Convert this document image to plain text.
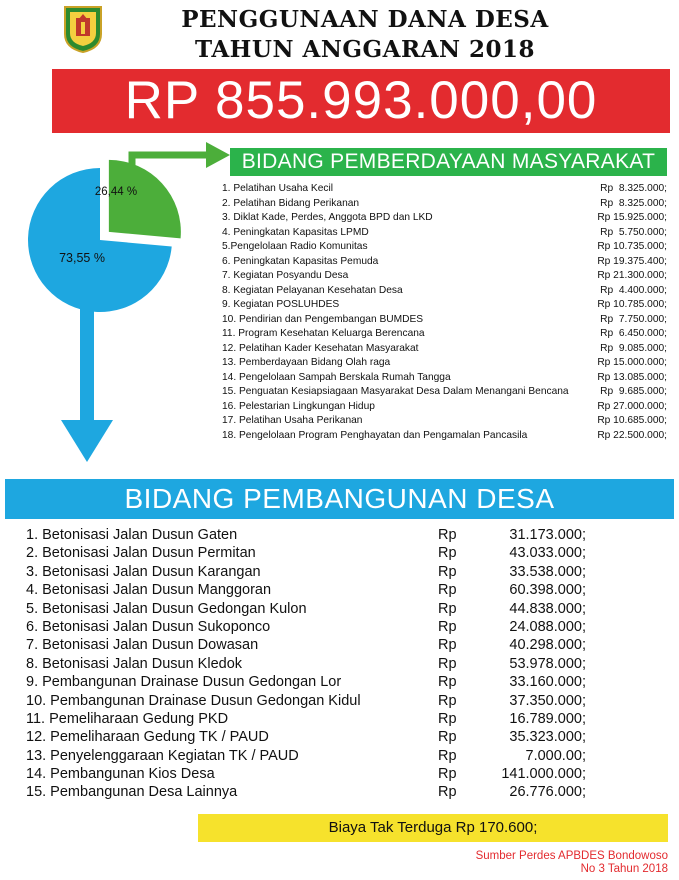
PENGGUNAAN DANA DESA
TAHUN ANGGARAN 2018
RP 855.993.000,00
26,44 %
73,55 %
BIDANG PEMBERDAYAAN MASYARAKAT
1. Pelatihan Usaha Kecil	Rp  8.325.000;
2. Pelatihan Bidang Perikanan	Rp  8.325.000;
3. Diklat Kade, Perdes, Anggota BPD dan LKD	Rp 15.925.000;
4. Peningkatan Kapasitas LPMD	Rp  5.750.000;
5.Pengelolaan Radio Komunitas	Rp 10.735.000;
6. Peningkatan Kapasitas Pemuda	Rp 19.375.400;
7. Kegiatan Posyandu Desa	Rp 21.300.000;
8. Kegiatan Pelayanan Kesehatan Desa	Rp  4.400.000;
9. Kegiatan POSLUHDES	Rp 10.785.000;
10. Pendirian dan Pengembangan BUMDES	Rp  7.750.000;
11. Program Kesehatan Keluarga Berencana	Rp  6.450.000;
12. Pelatihan Kader Kesehatan Masyarakat	Rp  9.085.000;
13. Pemberdayaan Bidang Olah raga	Rp 15.000.000;
14. Pengelolaan Sampah Berskala Rumah Tangga	Rp 13.085.000;
15. Penguatan Kesiapsiagaan Masyarakat Desa Dalam Menangani Bencana	Rp  9.685.000;
16. Pelestarian Lingkungan Hidup	Rp 27.000.000;
17. Pelatihan Usaha Perikanan	Rp 10.685.000;
18. Pengelolaan Program Penghayatan dan Pengamalan Pancasila	Rp 22.500.000;
BIDANG PEMBANGUNAN DESA
1. Betonisasi Jalan Dusun Gaten	Rp	31.173.000;
2. Betonisasi Jalan Dusun Permitan	Rp	43.033.000;
3. Betonisasi Jalan Dusun Karangan	Rp	33.538.000;
4. Betonisasi Jalan Dusun Manggoran	Rp	60.398.000;
5. Betonisasi Jalan Dusun Gedongan Kulon	Rp	44.838.000;
6. Betonisasi Jalan Dusun Sukoponco	Rp	24.088.000;
7. Betonisasi Jalan Dusun Dowasan	Rp	40.298.000;
8. Betonisasi Jalan Dusun Kledok	Rp	53.978.000;
9. Pembangunan Drainase Dusun Gedongan Lor	Rp	33.160.000;
10. Pembangunan Drainase Dusun Gedongan Kidul	Rp	37.350.000;
11. Pemeliharaan Gedung PKD	Rp	16.789.000;
12. Pemeliharaan Gedung TK / PAUD	Rp	35.323.000;
13. Penyelenggaraan Kegiatan TK / PAUD	Rp	7.000.00;
14. Pembangunan Kios Desa	Rp	141.000.000;
15. Pembangunan Desa Lainnya	Rp	26.776.000;
Biaya Tak Terduga Rp 170.600;
Sumber Perdes APBDES Bondowoso
No 3 Tahun 2018
